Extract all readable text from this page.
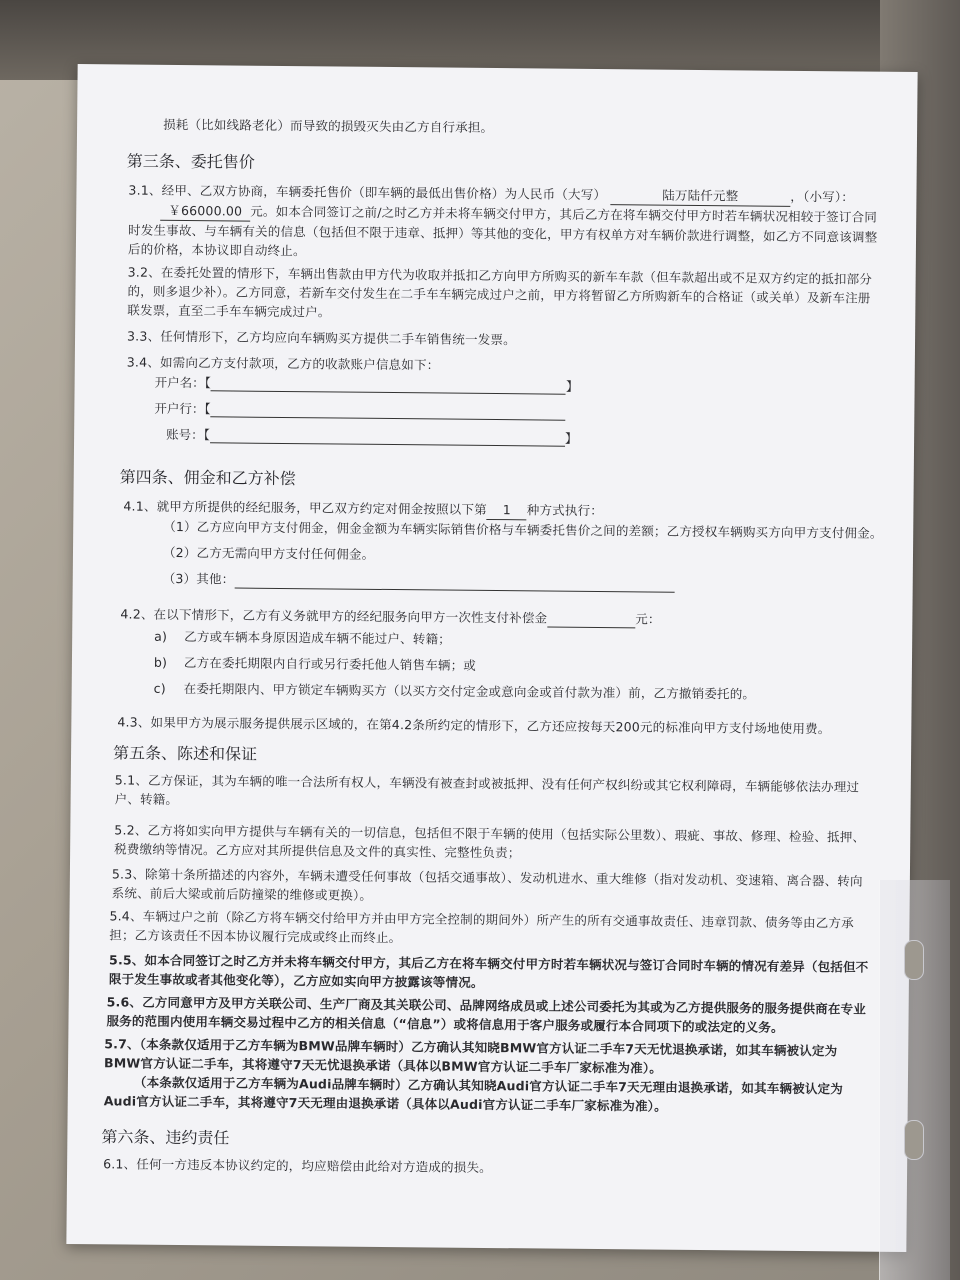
损耗（比如线路老化）而导致的损毁灭失由乙方自行承担。
第三条、委托售价
3.1、经甲、乙双方协商，车辆委托售价（即车辆的最低出售价格）为人民币（大写）	陆万陆仟元整	，（小写）：
￥66000.00 元。如本合同签订之前/之时乙方并未将车辆交付甲方，其后乙方在将车辆交付甲方时若车辆状况相较于签订合同时发生事故、与车辆有关的信息（包括但不限于违章、抵押）等其他的变化，甲方有权单方对车辆价款进行调整，如乙方不同意该调整后的价格，本协议即自动终止。
3.2、在委托处置的情形下，车辆出售款由甲方代为收取并抵扣乙方向甲方所购买的新车车款（但车款超出或不足双方约定的抵扣部分的，则多退少补）。乙方同意，若新车交付发生在二手车车辆完成过户之前，甲方将暂留乙方所购新车的合格证（或关单）及新车注册联发票，直至二手车车辆完成过户。
3.3、任何情形下，乙方均应向车辆购买方提供二手车销售统一发票。
3.4、如需向乙方支付款项，乙方的收款账户信息如下：
开户名：【	】
开户行：【
账号：【	】
第四条、佣金和乙方补偿
4.1、就甲方所提供的经纪服务，甲乙双方约定对佣金按照以下第 1 种方式执行：
（1）乙方应向甲方支付佣金，佣金金额为车辆实际销售价格与车辆委托售价之间的差额；乙方授权车辆购买方向甲方支付佣金。
（2）乙方无需向甲方支付任何佣金。
（3）其他：
4.2、在以下情形下，乙方有义务就甲方的经纪服务向甲方一次性支付补偿金	元：
a) 乙方或车辆本身原因造成车辆不能过户、转籍；
b) 乙方在委托期限内自行或另行委托他人销售车辆；或
c) 在委托期限内、甲方锁定车辆购买方（以买方交付定金或意向金或首付款为准）前，乙方撤销委托的。
4.3、如果甲方为展示服务提供展示区域的，在第4.2条所约定的情形下，乙方还应按每天200元的标准向甲方支付场地使用费。
第五条、陈述和保证
5.1、乙方保证，其为车辆的唯一合法所有权人，车辆没有被查封或被抵押、没有任何产权纠纷或其它权利障碍，车辆能够依法办理过户、转籍。
5.2、乙方将如实向甲方提供与车辆有关的一切信息，包括但不限于车辆的使用（包括实际公里数）、瑕疵、事故、修理、检验、抵押、税费缴纳等情况。乙方应对其所提供信息及文件的真实性、完整性负责；
5.3、除第十条所描述的内容外，车辆未遭受任何事故（包括交通事故）、发动机进水、重大维修（指对发动机、变速箱、离合器、转向系统、前后大梁或前后防撞梁的维修或更换）。
5.4、车辆过户之前（除乙方将车辆交付给甲方并由甲方完全控制的期间外）所产生的所有交通事故责任、违章罚款、债务等由乙方承担；乙方该责任不因本协议履行完成或终止而终止。
5.5、如本合同签订之时乙方并未将车辆交付甲方，其后乙方在将车辆交付甲方时若车辆状况与签订合同时车辆的情况有差异（包括但不限于发生事故或者其他变化等），乙方应如实向甲方披露该等情况。
5.6、乙方同意甲方及甲方关联公司、生产厂商及其关联公司、品牌网络成员或上述公司委托为其或为乙方提供服务的服务提供商在专业服务的范围内使用车辆交易过程中乙方的相关信息（“信息”）或将信息用于客户服务或履行本合同项下的或法定的义务。
5.7、（本条款仅适用于乙方车辆为BMW品牌车辆时）乙方确认其知晓BMW官方认证二手车7天无忧退换承诺，如其车辆被认定为BMW官方认证二手车，其将遵守7天无忧退换承诺（具体以BMW官方认证二手车厂家标准为准）。
（本条款仅适用于乙方车辆为Audi品牌车辆时）乙方确认其知晓Audi官方认证二手车7天无理由退换承诺，如其车辆被认定为Audi官方认证二手车，其将遵守7天无理由退换承诺（具体以Audi官方认证二手车厂家标准为准）。
第六条、违约责任
6.1、任何一方违反本协议约定的，均应赔偿由此给对方造成的损失。
